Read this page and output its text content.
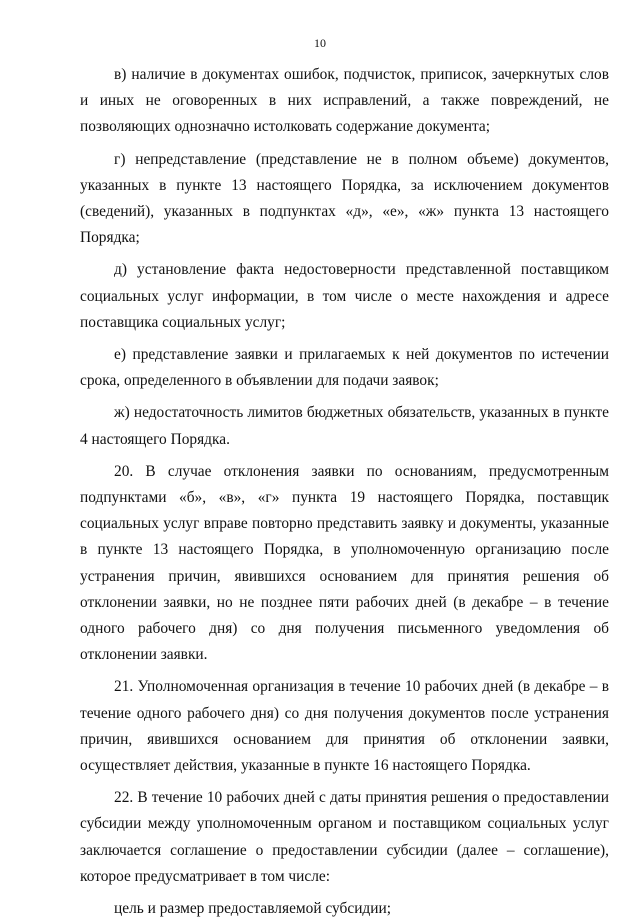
10

в) наличие в документах ошибок, подчисток, приписок, зачеркнутых слов и иных не оговоренных в них исправлений, а также повреждений, не позволяющих однозначно истолковать содержание документа;

г) непредставление (представление не в полном объеме) документов, указанных в пункте 13 настоящего Порядка, за исключением документов (сведений), указанных в подпунктах «д», «е», «ж» пункта 13 настоящего Порядка;

д) установление факта недостоверности представленной поставщиком социальных услуг информации, в том числе о месте нахождения и адресе поставщика социальных услуг;

е) представление заявки и прилагаемых к ней документов по истечении срока, определенного в объявлении для подачи заявок;

ж) недостаточность лимитов бюджетных обязательств, указанных в пункте 4 настоящего Порядка.

20. В случае отклонения заявки по основаниям, предусмотренным подпунктами «б», «в», «г» пункта 19 настоящего Порядка, поставщик социальных услуг вправе повторно представить заявку и документы, указанные в пункте 13 настоящего Порядка, в уполномоченную организацию после устранения причин, явившихся основанием для принятия решения об отклонении заявки, но не позднее пяти рабочих дней (в декабре – в течение одного рабочего дня) со дня получения письменного уведомления об отклонении заявки.

21. Уполномоченная организация в течение 10 рабочих дней (в декабре – в течение одного рабочего дня) со дня получения документов после устранения причин, явившихся основанием для принятия об отклонении заявки, осуществляет действия, указанные в пункте 16 настоящего Порядка.

22. В течение 10 рабочих дней с даты принятия решения о предоставлении субсидии между уполномоченным органом и поставщиком социальных услуг заключается соглашение о предоставлении субсидии (далее – соглашение), которое предусматривает в том числе:

цель и размер предоставляемой субсидии;
